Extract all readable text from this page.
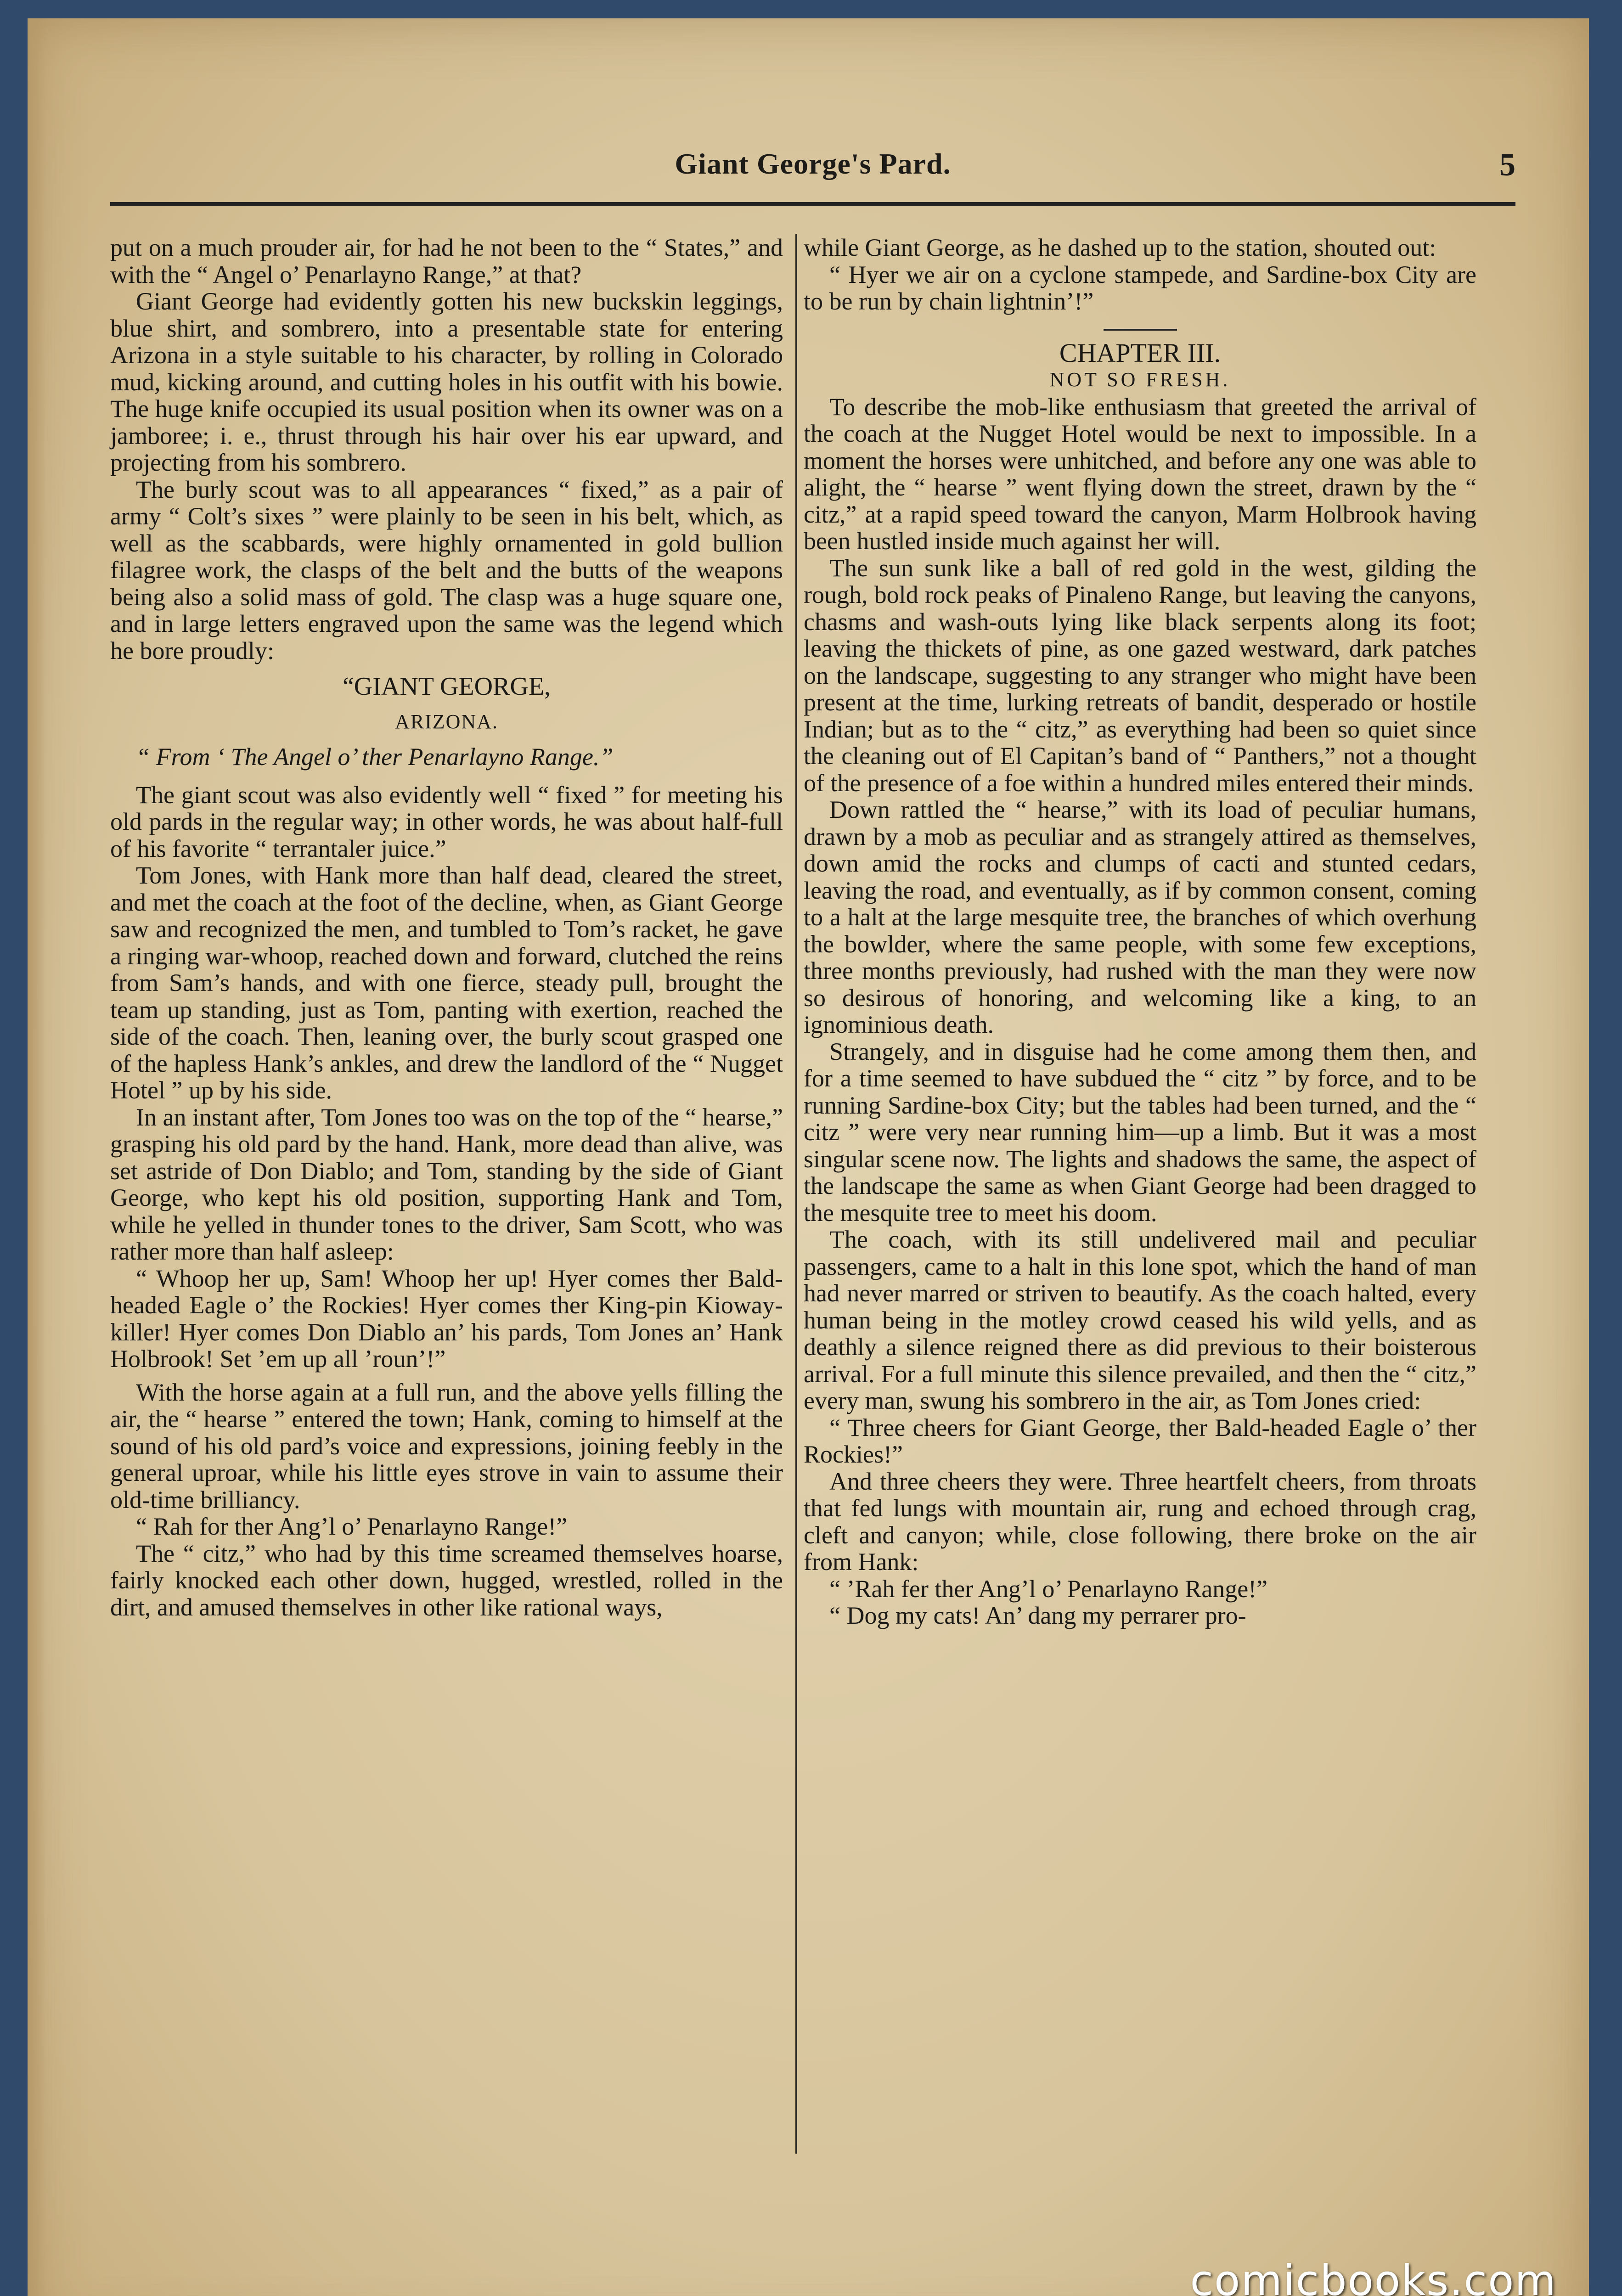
Giant George's Pard.	5

put on a much prouder air, for had he not been to the “ States,” and with the “ Angel o’ Penarlayno Range,” at that?

Giant George had evidently gotten his new buckskin leggings, blue shirt, and sombrero, into a presentable state for entering Arizona in a style suitable to his character, by rolling in Colorado mud, kicking around, and cutting holes in his outfit with his bowie. The huge knife occupied its usual position when its owner was on a jamboree; i. e., thrust through his hair over his ear upward, and projecting from his sombrero.

The burly scout was to all appearances “ fixed,” as a pair of army “ Colt’s sixes ” were plainly to be seen in his belt, which, as well as the scabbards, were highly ornamented in gold bullion filagree work, the clasps of the belt and the butts of the weapons being also a solid mass of gold. The clasp was a huge square one, and in large letters engraved upon the same was the legend which he bore proudly:

“GIANT GEORGE,

ARIZONA.

“ From ‘ The Angel o’ ther Penarlayno Range.”

The giant scout was also evidently well “ fixed ” for meeting his old pards in the regular way; in other words, he was about half-full of his favorite “ terrantaler juice.”

Tom Jones, with Hank more than half dead, cleared the street, and met the coach at the foot of the decline, when, as Giant George saw and recognized the men, and tumbled to Tom’s racket, he gave a ringing war-whoop, reached down and forward, clutched the reins from Sam’s hands, and with one fierce, steady pull, brought the team up standing, just as Tom, panting with exertion, reached the side of the coach. Then, leaning over, the burly scout grasped one of the hapless Hank’s ankles, and drew the landlord of the “ Nugget Hotel ” up by his side.

In an instant after, Tom Jones too was on the top of the “ hearse,” grasping his old pard by the hand. Hank, more dead than alive, was set astride of Don Diablo; and Tom, standing by the side of Giant George, who kept his old position, supporting Hank and Tom, while he yelled in thunder tones to the driver, Sam Scott, who was rather more than half asleep:

“ Whoop her up, Sam! Whoop her up! Hyer comes ther Bald-headed Eagle o’ the Rockies! Hyer comes ther King-pin Kioway-killer! Hyer comes Don Diablo an’ his pards, Tom Jones an’ Hank Holbrook! Set ’em up all ’roun’!”

With the horse again at a full run, and the above yells filling the air, the “ hearse ” entered the town; Hank, coming to himself at the sound of his old pard’s voice and expressions, joining feebly in the general uproar, while his little eyes strove in vain to assume their old-time brilliancy.

“ Rah for ther Ang’l o’ Penarlayno Range!”

The “ citz,” who had by this time screamed themselves hoarse, fairly knocked each other down, hugged, wrestled, rolled in the dirt, and amused themselves in other like rational ways,

while Giant George, as he dashed up to the station, shouted out:

“ Hyer we air on a cyclone stampede, and Sardine-box City are to be run by chain lightnin’!”

CHAPTER III.

NOT SO FRESH.

To describe the mob-like enthusiasm that greeted the arrival of the coach at the Nugget Hotel would be next to impossible. In a moment the horses were unhitched, and before any one was able to alight, the “ hearse ” went flying down the street, drawn by the “ citz,” at a rapid speed toward the canyon, Marm Holbrook having been hustled inside much against her will.

The sun sunk like a ball of red gold in the west, gilding the rough, bold rock peaks of Pinaleno Range, but leaving the canyons, chasms and wash-outs lying like black serpents along its foot; leaving the thickets of pine, as one gazed westward, dark patches on the landscape, suggesting to any stranger who might have been present at the time, lurking retreats of bandit, desperado or hostile Indian; but as to the “ citz,” as everything had been so quiet since the cleaning out of El Capitan’s band of “ Panthers,” not a thought of the presence of a foe within a hundred miles entered their minds.

Down rattled the “ hearse,” with its load of peculiar humans, drawn by a mob as peculiar and as strangely attired as themselves, down amid the rocks and clumps of cacti and stunted cedars, leaving the road, and eventually, as if by common consent, coming to a halt at the large mesquite tree, the branches of which overhung the bowlder, where the same people, with some few exceptions, three months previously, had rushed with the man they were now so desirous of honoring, and welcoming like a king, to an ignominious death.

Strangely, and in disguise had he come among them then, and for a time seemed to have subdued the “ citz ” by force, and to be running Sardine-box City; but the tables had been turned, and the “ citz ” were very near running him—up a limb. But it was a most singular scene now. The lights and shadows the same, the aspect of the landscape the same as when Giant George had been dragged to the mesquite tree to meet his doom.

The coach, with its still undelivered mail and peculiar passengers, came to a halt in this lone spot, which the hand of man had never marred or striven to beautify. As the coach halted, every human being in the motley crowd ceased his wild yells, and as deathly a silence reigned there as did previous to their boisterous arrival. For a full minute this silence prevailed, and then the “ citz,” every man, swung his sombrero in the air, as Tom Jones cried:

“ Three cheers for Giant George, ther Bald-headed Eagle o’ ther Rockies!”

And three cheers they were. Three heartfelt cheers, from throats that fed lungs with mountain air, rung and echoed through crag, cleft and canyon; while, close following, there broke on the air from Hank:

“ ’Rah fer ther Ang’l o’ Penarlayno Range!”

“ Dog my cats! An’ dang my perrarer pro-

comicbooks.com
